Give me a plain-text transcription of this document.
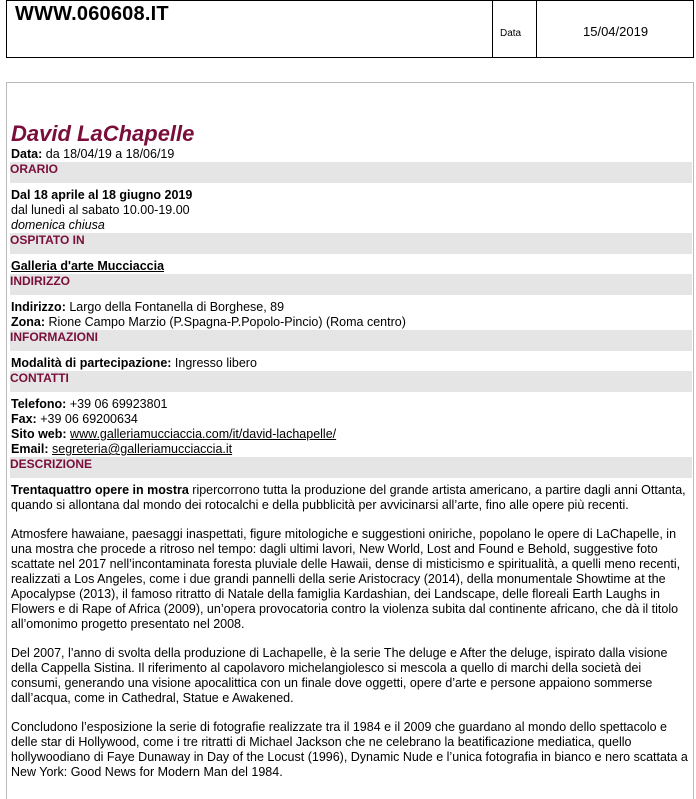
WWW.060608.IT
Data	15/04/2019
David LaChapelle

Data: da 18/04/19 a 18/06/19

ORARIO

Dal 18 aprile al 18 giugno 2019

dal lunedì al sabato 10.00-19.00

domenica chiusa

OSPITATO IN

Galleria d'arte Mucciaccia

INDIRIZZO

Indirizzo: Largo della Fontanella di Borghese, 89

Zona: Rione Campo Marzio (P.Spagna-P.Popolo-Pincio) (Roma centro)

INFORMAZIONI

Modalità di partecipazione: Ingresso libero

CONTATTI

Telefono: +39 06 69923801

Fax: +39 06 69200634

Sito web: www.galleriamucciaccia.com/it/david-lachapelle/

Email: segreteria@galleriamucciaccia.it

DESCRIZIONE

Trentaquattro opere in mostra ripercorrono tutta la produzione del grande artista americano, a partire dagli anni Ottanta, quando si allontana dal mondo dei rotocalchi e della pubblicità per avvicinarsi all’arte, fino alle opere più recenti.

Atmosfere hawaiane, paesaggi inaspettati, figure mitologiche e suggestioni oniriche, popolano le opere di LaChapelle, in una mostra che procede a ritroso nel tempo: dagli ultimi lavori, New World, Lost and Found e Behold, suggestive foto scattate nel 2017 nell’incontaminata foresta pluviale delle Hawaii, dense di misticismo e spiritualità, a quelli meno recenti, realizzati a Los Angeles, come i due grandi pannelli della serie Aristocracy (2014), della monumentale Showtime at the Apocalypse (2013), il famoso ritratto di Natale della famiglia Kardashian, dei Landscape, delle floreali Earth Laughs in Flowers e di Rape of Africa (2009), un’opera provocatoria contro la violenza subita dal continente africano, che dà il titolo all’omonimo progetto presentato nel 2008.

Del 2007, l’anno di svolta della produzione di Lachapelle, è la serie The deluge e After the deluge, ispirato dalla visione della Cappella Sistina. Il riferimento al capolavoro michelangiolesco si mescola a quello di marchi della società dei consumi, generando una visione apocalittica con un finale dove oggetti, opere d’arte e persone appaiono sommerse dall’acqua, come in Cathedral, Statue e Awakened.

Concludono l’esposizione la serie di fotografie realizzate tra il 1984 e il 2009 che guardano al mondo dello spettacolo e delle star di Hollywood, come i tre ritratti di Michael Jackson che ne celebrano la beatificazione mediatica, quello hollywoodiano di Faye Dunaway in Day of the Locust (1996), Dynamic Nude e l’unica fotografia in bianco e nero scattata a New York: Good News for Modern Man del 1984.
